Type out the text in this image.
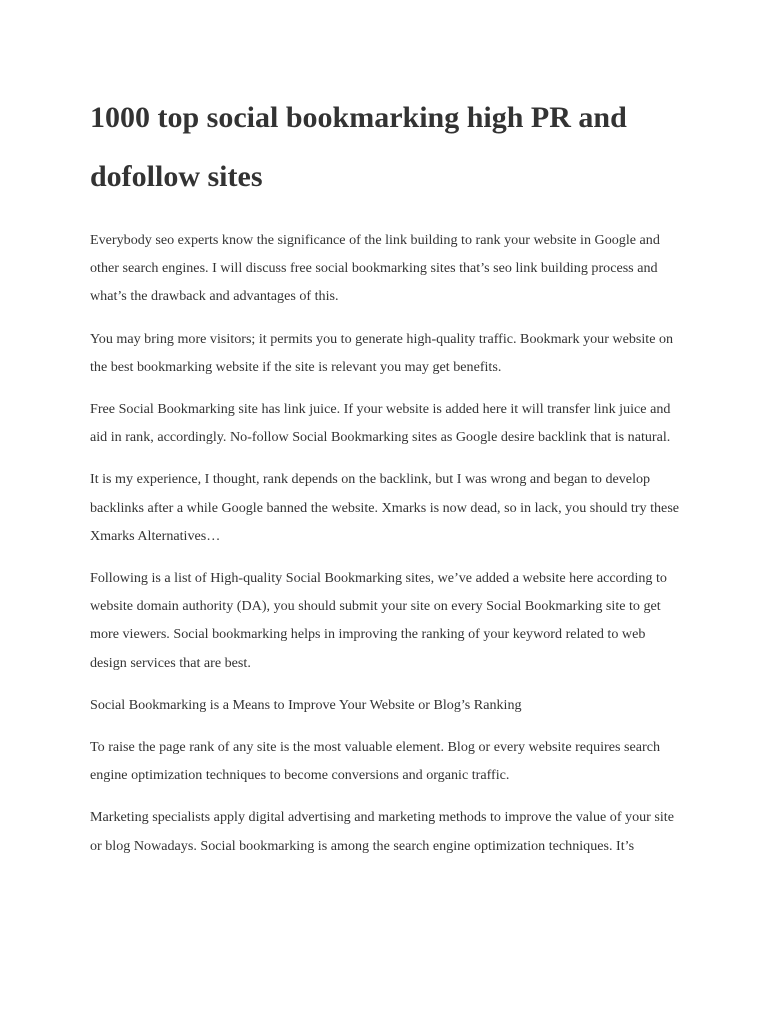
1000 top social bookmarking high PR and dofollow sites

Everybody seo experts know the significance of the link building to rank your website in Google and other search engines. I will discuss free social bookmarking sites that’s seo link building process and what’s the drawback and advantages of this.

You may bring more visitors; it permits you to generate high-quality traffic. Bookmark your website on the best bookmarking website if the site is relevant you may get benefits.

Free Social Bookmarking site has link juice. If your website is added here it will transfer link juice and aid in rank, accordingly. No-follow Social Bookmarking sites as Google desire backlink that is natural.

It is my experience, I thought, rank depends on the backlink, but I was wrong and began to develop backlinks after a while Google banned the website. Xmarks is now dead, so in lack, you should try these Xmarks Alternatives…

Following is a list of High-quality Social Bookmarking sites, we’ve added a website here according to website domain authority (DA), you should submit your site on every Social Bookmarking site to get more viewers. Social bookmarking helps in improving the ranking of your keyword related to web design services that are best.

Social Bookmarking is a Means to Improve Your Website or Blog’s Ranking

To raise the page rank of any site is the most valuable element. Blog or every website requires search engine optimization techniques to become conversions and organic traffic.

Marketing specialists apply digital advertising and marketing methods to improve the value of your site or blog Nowadays. Social bookmarking is among the search engine optimization techniques. It’s
